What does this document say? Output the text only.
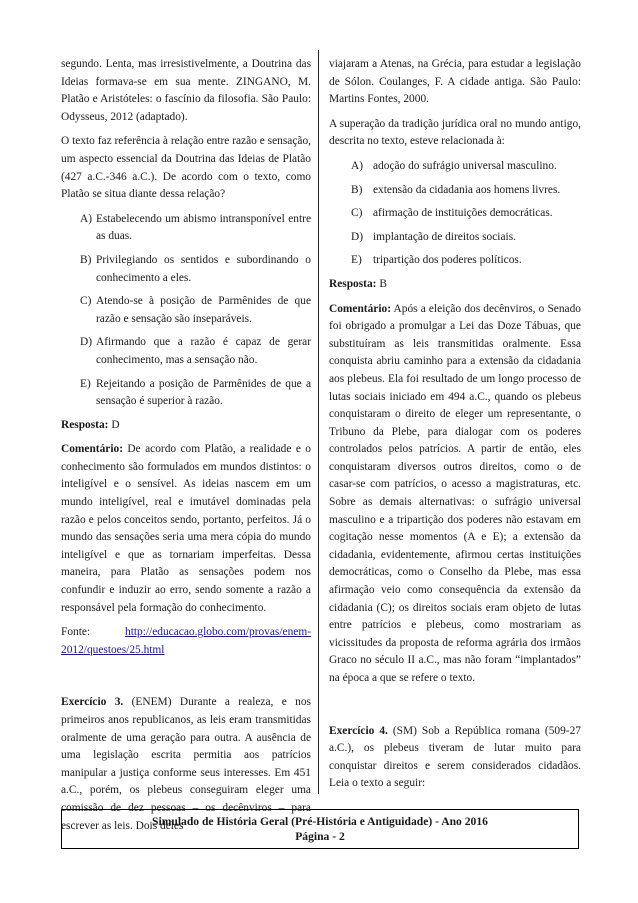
segundo. Lenta, mas irresistivelmente, a Doutrina das Ideias formava-se em sua mente. ZINGANO, M. Platão e Aristóteles: o fascínio da filosofia. São Paulo: Odysseus, 2012 (adaptado).

O texto faz referência à relação entre razão e sensação, um aspecto essencial da Doutrina das Ideias de Platão (427 a.C.-346 a.C.). De acordo com o texto, como Platão se situa diante dessa relação?

A) Estabelecendo um abismo intransponível entre as duas.
B) Privilegiando os sentidos e subordinando o conhecimento a eles.
C) Atendo-se à posição de Parmênides de que razão e sensação são inseparáveis.
D) Afirmando que a razão é capaz de gerar conhecimento, mas a sensação não.
E) Rejeitando a posição de Parmênides de que a sensação é superior à razão.

Resposta: D

Comentário: De acordo com Platão, a realidade e o conhecimento são formulados em mundos distintos: o inteligível e o sensível. As ideias nascem em um mundo inteligível, real e imutável dominadas pela razão e pelos conceitos sendo, portanto, perfeitos. Já o mundo das sensações seria uma mera cópia do mundo inteligível e que as tornariam imperfeitas. Dessa maneira, para Platão as sensações podem nos confundir e induzir ao erro, sendo somente a razão a responsável pela formação do conhecimento.

Fonte:	http://educacao.globo.com/provas/enem-2012/questoes/25.html

Exercício 3. (ENEM) Durante a realeza, e nos primeiros anos republicanos, as leis eram transmitidas oralmente de uma geração para outra. A ausência de uma legislação escrita permitia aos patrícios manipular a justiça conforme seus interesses. Em 451 a.C., porém, os plebeus conseguiram eleger uma comissão de dez pessoas – os decênviros – para escrever as leis. Dois deles

viajaram a Atenas, na Grécia, para estudar a legislação de Sólon. Coulanges, F. A cidade antiga. São Paulo: Martins Fontes, 2000.

A superação da tradição jurídica oral no mundo antigo, descrita no texto, esteve relacionada à:

A) adoção do sufrágio universal masculino.
B) extensão da cidadania aos homens livres.
C) afirmação de instituições democráticas.
D) implantação de direitos sociais.
E) tripartição dos poderes políticos.

Resposta: B

Comentário: Após a eleição dos decênviros, o Senado foi obrigado a promulgar a Lei das Doze Tábuas, que substituíram as leis transmitidas oralmente. Essa conquista abriu caminho para a extensão da cidadania aos plebeus. Ela foi resultado de um longo processo de lutas sociais iniciado em 494 a.C., quando os plebeus conquistaram o direito de eleger um representante, o Tribuno da Plebe, para dialogar com os poderes controlados pelos patrícios. A partir de então, eles conquistaram diversos outros direitos, como o de casar-se com patrícios, o acesso a magistraturas, etc. Sobre as demais alternativas: o sufrágio universal masculino e a tripartição dos poderes não estavam em cogitação nesse momentos (A e E); a extensão da cidadania, evidentemente, afirmou certas instituições democráticas, como o Conselho da Plebe, mas essa afirmação veio como consequência da extensão da cidadania (C); os direitos sociais eram objeto de lutas entre patrícios e plebeus, como mostrariam as vicissitudes da proposta de reforma agrária dos irmãos Graco no século II a.C., mas não foram “implantados” na época a que se refere o texto.

Exercício 4. (SM) Sob a República romana (509-27 a.C.), os plebeus tiveram de lutar muito para conquistar direitos e serem considerados cidadãos. Leia o texto a seguir:

Simulado de História Geral (Pré-História e Antiguidade) - Ano 2016
Página - 2
